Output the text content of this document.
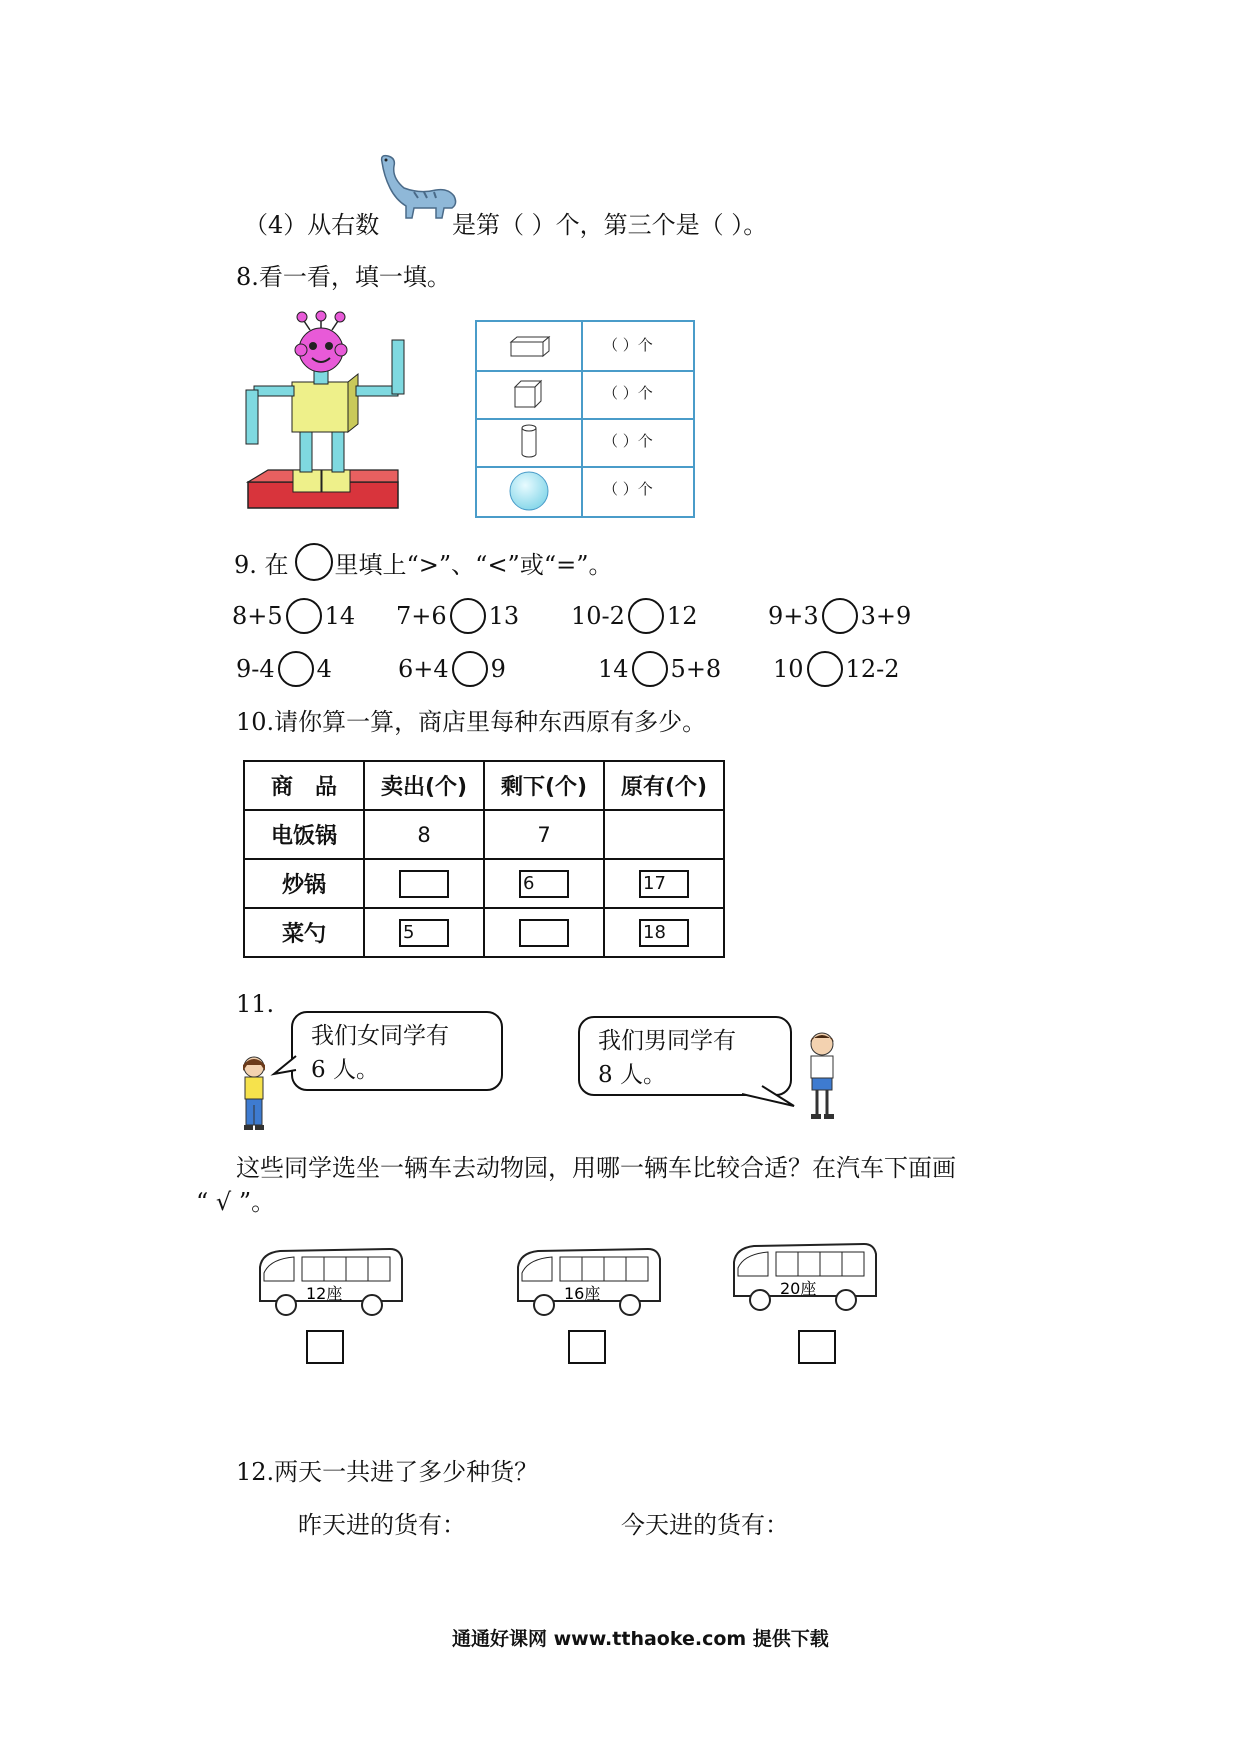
（4）从右数	是第（ ）个，第三个是（ ）。
8.看一看，填一填。
（ ）个
（ ）个
（ ）个
（ ）个
9. 在 里填上“>”、“<”或“=”。
8+5 14 7+6 13 10-2 12	9+3 3+9
9-4 4	6+4 9	14 5+8 10 12-2
10.请你算一算，商店里每种东西原有多少。
商　品	卖出(个)	剩下(个)	原有(个)
电饭锅	8	7	
炒锅		6	17
菜勺	5		18
11.
我们女同学有
6 人。
我们男同学有
8 人。
这些同学选坐一辆车去动物园，用哪一辆车比较合适？在汽车下面画
“ √ ”。
12座	16座	20座
12.两天一共进了多少种货？
昨天进的货有：	今天进的货有：
通通好课网 www.tthaoke.com 提供下载
